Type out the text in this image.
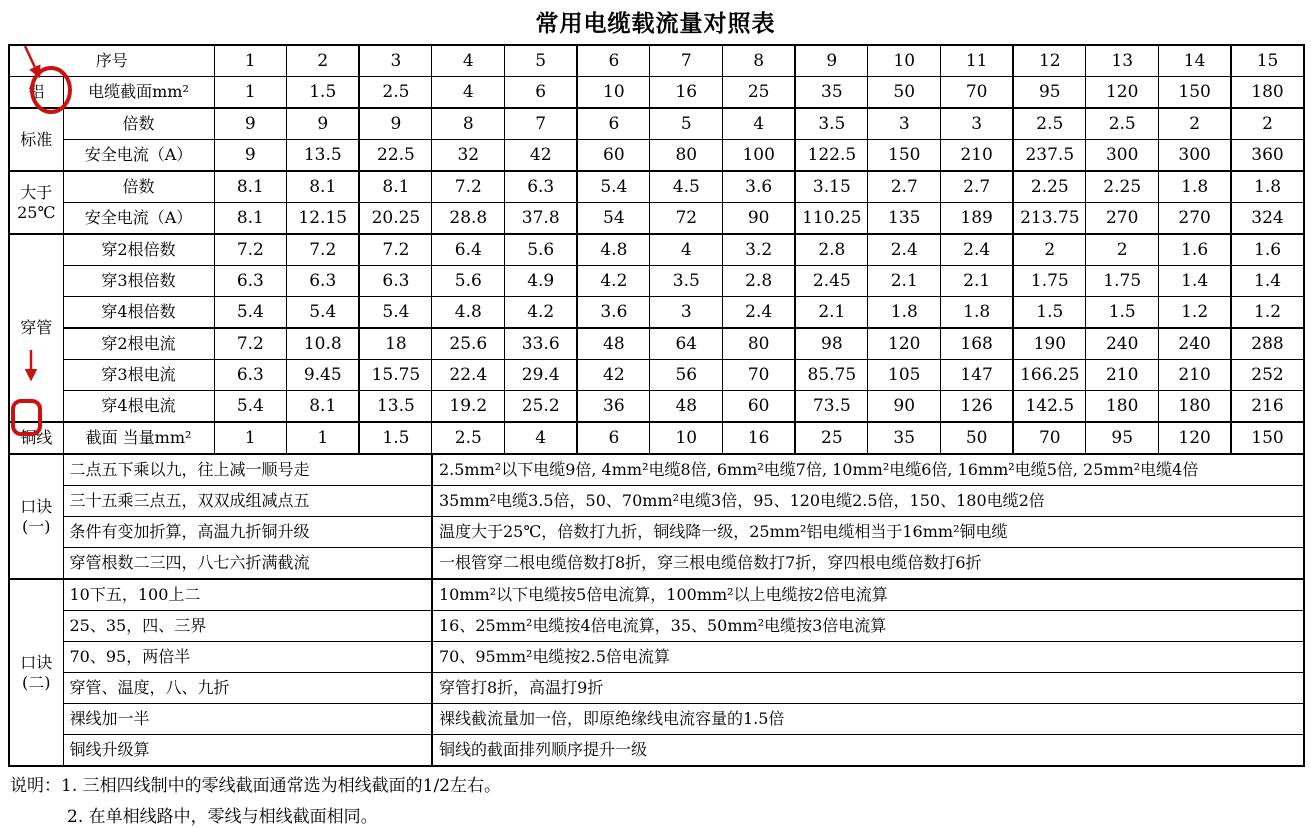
常用电缆载流量对照表
序号		1	2	3	4	5	6	7	8	9	10	11	12	13	14	15
铝	电缆截面mm²	1	1.5	2.5	4	6	10	16	25	35	50	70	95	120	150	180
标准	倍数	9	9	9	8	7	6	5	4	3.5	3	3	2.5	2.5	2	2
	安全电流（A）	9	13.5	22.5	32	42	60	80	100	122.5	150	210	237.5	300	300	360
大于25℃	倍数	8.1	8.1	8.1	7.2	6.3	5.4	4.5	3.6	3.15	2.7	2.7	2.25	2.25	1.8	1.8
	安全电流（A）	8.1	12.15	20.25	28.8	37.8	54	72	90	110.25	135	189	213.75	270	270	324
穿管	穿2根倍数	7.2	7.2	7.2	6.4	5.6	4.8	4	3.2	2.8	2.4	2.4	2	2	1.6	1.6
	穿3根倍数	6.3	6.3	6.3	5.6	4.9	4.2	3.5	2.8	2.45	2.1	2.1	1.75	1.75	1.4	1.4
	穿4根倍数	5.4	5.4	5.4	4.8	4.2	3.6	3	2.4	2.1	1.8	1.8	1.5	1.5	1.2	1.2
	穿2根电流	7.2	10.8	18	25.6	33.6	48	64	80	98	120	168	190	240	240	288
	穿3根电流	6.3	9.45	15.75	22.4	29.4	42	56	70	85.75	105	147	166.25	210	210	252
	穿4根电流	5.4	8.1	13.5	19.2	25.2	36	48	60	73.5	90	126	142.5	180	180	216
铜线	截面 当量mm²	1	1	1.5	2.5	4	6	10	16	25	35	50	70	95	120	150
口诀(一)	二点五下乘以九，往上减一顺号走				2.5mm²以下电缆9倍, 4mm²电缆8倍, 6mm²电缆7倍, 10mm²电缆6倍, 16mm²电缆5倍, 25mm²电缆4倍											
	三十五乘三点五，双双成组减点五				35mm²电缆3.5倍，50、70mm²电缆3倍，95、120电缆2.5倍，150、180电缆2倍											
	条件有变加折算，高温九折铜升级				温度大于25℃，倍数打九折，铜线降一级，25mm²铝电缆相当于16mm²铜电缆											
	穿管根数二三四，八七六折满截流				一根管穿二根电缆倍数打8折，穿三根电缆倍数打7折，穿四根电缆倍数打6折											
口诀(二)	10下五，100上二				10mm²以下电缆按5倍电流算，100mm²以上电缆按2倍电流算											
	25、35，四、三界				16、25mm²电缆按4倍电流算，35、50mm²电缆按3倍电流算											
	70、95，两倍半				70、95mm²电缆按2.5倍电流算											
	穿管、温度，八、九折				穿管打8折，高温打9折											
	裸线加一半				裸线截流量加一倍，即原绝缘线电流容量的1.5倍											
	铜线升级算				铜线的截面排列顺序提升一级											
说明：1. 三相四线制中的零线截面通常选为相线截面的1/2左右。
2. 在单相线路中，零线与相线截面相同。
